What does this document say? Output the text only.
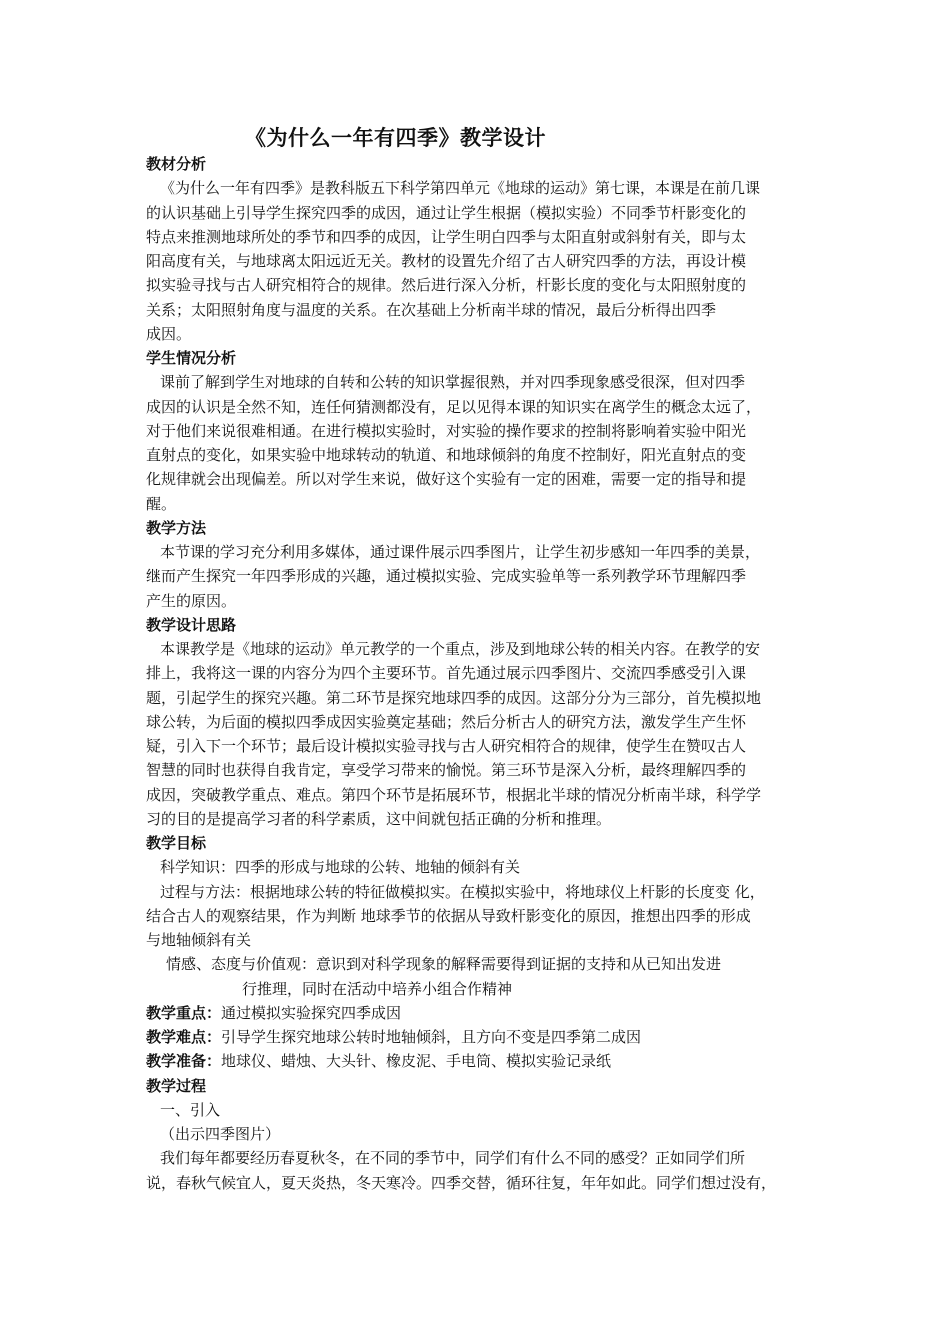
《为什么一年有四季》教学设计
教材分析
《为什么一年有四季》是教科版五下科学第四单元《地球的运动》第七课，本课是在前几课
的认识基础上引导学生探究四季的成因，通过让学生根据（模拟实验）不同季节杆影变化的
特点来推测地球所处的季节和四季的成因，让学生明白四季与太阳直射或斜射有关，即与太
阳高度有关，与地球离太阳远近无关。教材的设置先介绍了古人研究四季的方法，再设计模
拟实验寻找与古人研究相符合的规律。然后进行深入分析，杆影长度的变化与太阳照射度的
关系；太阳照射角度与温度的关系。在次基础上分析南半球的情况，最后分析得出四季
成因。
学生情况分析
课前了解到学生对地球的自转和公转的知识掌握很熟，并对四季现象感受很深，但对四季
成因的认识是全然不知，连任何猜测都没有，足以见得本课的知识实在离学生的概念太远了，
对于他们来说很难相通。在进行模拟实验时，对实验的操作要求的控制将影响着实验中阳光
直射点的变化，如果实验中地球转动的轨道、和地球倾斜的角度不控制好，阳光直射点的变
化规律就会出现偏差。所以对学生来说，做好这个实验有一定的困难，需要一定的指导和提
醒。
教学方法
本节课的学习充分利用多媒体，通过课件展示四季图片，让学生初步感知一年四季的美景，
继而产生探究一年四季形成的兴趣，通过模拟实验、完成实验单等一系列教学环节理解四季
产生的原因。
教学设计思路
本课教学是《地球的运动》单元教学的一个重点，涉及到地球公转的相关内容。在教学的安
排上，我将这一课的内容分为四个主要环节。首先通过展示四季图片、交流四季感受引入课
题，引起学生的探究兴趣。第二环节是探究地球四季的成因。这部分分为三部分，首先模拟地
球公转，为后面的模拟四季成因实验奠定基础；然后分析古人的研究方法，激发学生产生怀
疑，引入下一个环节；最后设计模拟实验寻找与古人研究相符合的规律，使学生在赞叹古人
智慧的同时也获得自我肯定，享受学习带来的愉悦。第三环节是深入分析，最终理解四季的
成因，突破教学重点、难点。第四个环节是拓展环节，根据北半球的情况分析南半球，科学学
习的目的是提高学习者的科学素质，这中间就包括正确的分析和推理。
教学目标
科学知识：四季的形成与地球的公转、地轴的倾斜有关
过程与方法：根据地球公转的特征做模拟实。在模拟实验中，将地球仪上杆影的长度变 化，
结合古人的观察结果，作为判断 地球季节的依据从导致杆影变化的原因，推想出四季的形成
与地轴倾斜有关
情感、态度与价值观：意识到对科学现象的解释需要得到证据的支持和从已知出发进
行推理，同时在活动中培养小组合作精神
教学重点：通过模拟实验探究四季成因
教学难点：引导学生探究地球公转时地轴倾斜，且方向不变是四季第二成因
教学准备：地球仪、蜡烛、大头针、橡皮泥、手电筒、模拟实验记录纸
教学过程
一、引入
（出示四季图片）
我们每年都要经历春夏秋冬，在不同的季节中，同学们有什么不同的感受？正如同学们所
说，春秋气候宜人，夏天炎热，冬天寒冷。四季交替，循环往复，年年如此。同学们想过没有，
